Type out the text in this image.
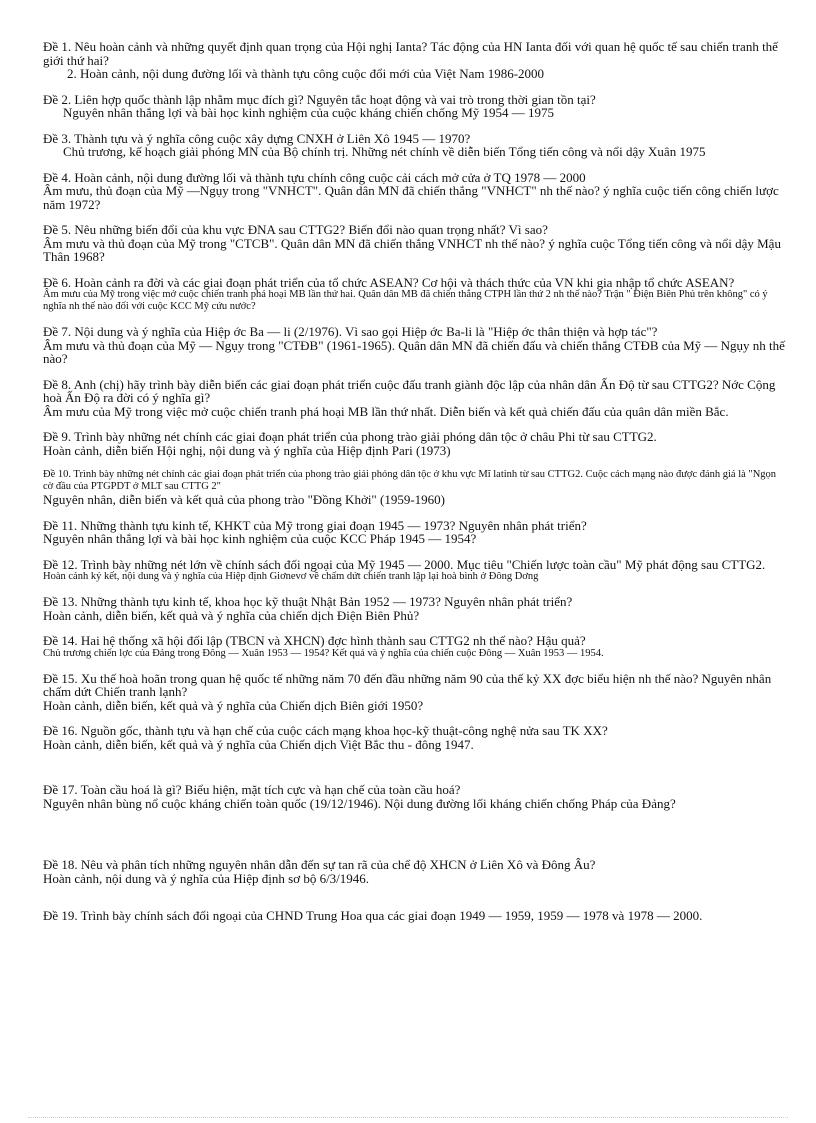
Đề 1. Nêu hoàn cảnh và những quyết định quan trọng của Hội nghị Ianta? Tác động của HN Ianta đối với quan hệ quốc tế sau chiến tranh thế giới thứ hai?

2. Hoàn cảnh, nội dung đường lối và thành tựu công cuộc đổi mới của Việt Nam 1986-2000

Đề 2. Liên hợp quốc thành lập nhằm mục đích gì? Nguyên tắc hoạt động và vai trò trong thời gian tồn tại?

Nguyên nhân thắng lợi và bài học kinh nghiệm của cuộc kháng chiến chống Mỹ 1954 — 1975

Đề 3. Thành tựu và ý nghĩa công cuộc xây dựng CNXH ở Liên Xô 1945 — 1970?

Chủ trương, kế hoạch giải phóng MN của Bộ chính trị. Những nét chính về diễn biến Tổng tiến công và nổi dậy Xuân 1975

Đề 4. Hoàn cảnh, nội dung đường lối và thành tựu chính công cuộc cải cách mở cửa ở TQ 1978 — 2000

Âm mưu, thủ đoạn của Mỹ —Ngụy trong "VNHCT". Quân dân MN đã chiến thắng "VNHCT" nh thế nào? ý nghĩa cuộc tiến công chiến lược năm 1972?

Đề 5. Nêu những biến đổi của khu vực ĐNA sau CTTG2? Biến đổi nào quan trọng nhất? Vì sao?

Âm mưu và thủ đoạn của Mỹ trong "CTCB". Quân dân MN đã chiến thắng VNHCT nh thế nào? ý nghĩa cuộc Tổng tiến công và nổi dậy Mậu Thân 1968?

Đề 6. Hoàn cảnh ra đời và các giai đoạn phát triển của tổ chức ASEAN? Cơ hội và thách thức của VN khi gia nhập tổ chức ASEAN?

Âm mưu của Mỹ trong việc mở cuộc chiến tranh phá hoại MB lần thứ hai. Quân dân MB đã chiến thắng CTPH lần thứ 2 nh thế nào? Trận " Điện Biên Phủ trên không" có ý nghĩa nh thế nào đối với cuộc KCC Mỹ cứu nước?

Đề 7. Nội dung và ý nghĩa của Hiệp ớc Ba — li (2/1976). Vì sao gọi Hiệp ớc Ba-li là "Hiệp ớc thân thiện và hợp tác"?

Âm mưu và thủ đoạn của Mỹ — Ngụy trong "CTĐB" (1961-1965). Quân dân MN đã chiến đấu và chiến thắng CTĐB của Mỹ — Ngụy nh thế nào?

Đề 8. Anh (chị) hãy trình bày diễn biến các giai đoạn phát triển cuộc đấu tranh giành độc lập của nhân dân Ấn Độ từ sau CTTG2? Nớc Cộng hoà Ấn Độ ra đời có ý nghĩa gì?

Âm mưu của Mỹ trong việc mở cuộc chiến tranh phá hoại MB lần thứ nhất. Diễn biến và kết quả chiến đấu của quân dân miền Bắc.

Đề 9. Trình bày những nét chính các giai đoạn phát triển của phong trào giải phóng dân tộc ở châu Phi từ sau CTTG2.

Hoàn cảnh, diễn biến Hội nghị, nội dung và ý nghĩa của Hiệp định Pari (1973)

Đề 10. Trình bày những nét chính các giai đoạn phát triển của phong trào giải phóng dân tộc ở khu vực Mĩ latinh từ sau CTTG2. Cuộc cách mạng nào được đánh giá là "Ngọn cờ đầu của PTGPDT ở MLT sau CTTG 2"

Nguyên nhân, diễn biến và kết quả của phong trào "Đồng Khởi" (1959-1960)

Đề 11. Những thành tựu kinh tế, KHKT của Mỹ trong giai đoạn 1945 — 1973? Nguyên nhân phát triển?

Nguyên nhân thắng lợi và bài học kinh nghiệm của cuộc KCC Pháp 1945 — 1954?

Đề 12. Trình bày những nét lớn về chính sách đối ngoại của Mỹ 1945 — 2000. Mục tiêu "Chiến lược toàn cầu" Mỹ phát động sau CTTG2.

Hoàn cảnh ký kết, nội dung và ý nghĩa của Hiệp định Giơnevơ về chấm dứt chiến tranh lập lại hoà bình ở Đông Dơng

Đề 13. Những thành tựu kinh tế, khoa học kỹ thuật Nhật Bản 1952 — 1973? Nguyên nhân phát triển?

Hoàn cảnh, diễn biến, kết quả và ý nghĩa của chiến dịch Điện Biên Phủ?

Đề 14. Hai hệ thống xã hội đối lập (TBCN và XHCN) đợc hình thành sau CTTG2 nh thế nào? Hậu quả?

Chủ trương chiến lợc của Đảng trong Đông — Xuân 1953 — 1954? Kết quả và ý nghĩa của chiến cuộc Đông — Xuân 1953 — 1954.

Đề 15. Xu thế hoà hoãn trong quan hệ quốc tế những năm 70 đến đầu những năm 90 của thế kỷ XX đợc biểu hiện nh thế nào? Nguyên nhân chấm dứt Chiến tranh lạnh?

Hoàn cảnh, diễn biến, kết quả và ý nghĩa của Chiến dịch Biên giới 1950?

Đề 16. Nguồn gốc, thành tựu và hạn chế của cuộc cách mạng khoa học-kỹ thuật-công nghệ nửa sau TK XX?

Hoàn cảnh, diễn biến, kết quả và ý nghĩa của Chiến dịch Việt Bắc thu - đông 1947.

Đề 17. Toàn cầu hoá là gì? Biểu hiện, mặt tích cực và hạn chế của toàn cầu hoá?

Nguyên nhân bùng nổ cuộc kháng chiến toàn quốc (19/12/1946). Nội dung đường lối kháng chiến chống Pháp của Đảng?

Đề 18. Nêu và phân tích những nguyên nhân dẫn đến sự tan rã của chế độ XHCN ở Liên Xô và Đông Âu?

Hoàn cảnh, nội dung và ý nghĩa của Hiệp định sơ bộ 6/3/1946.

Đề 19. Trình bày chính sách đối ngoại của CHND Trung Hoa qua các giai đoạn 1949 — 1959, 1959 — 1978 và 1978 — 2000.
